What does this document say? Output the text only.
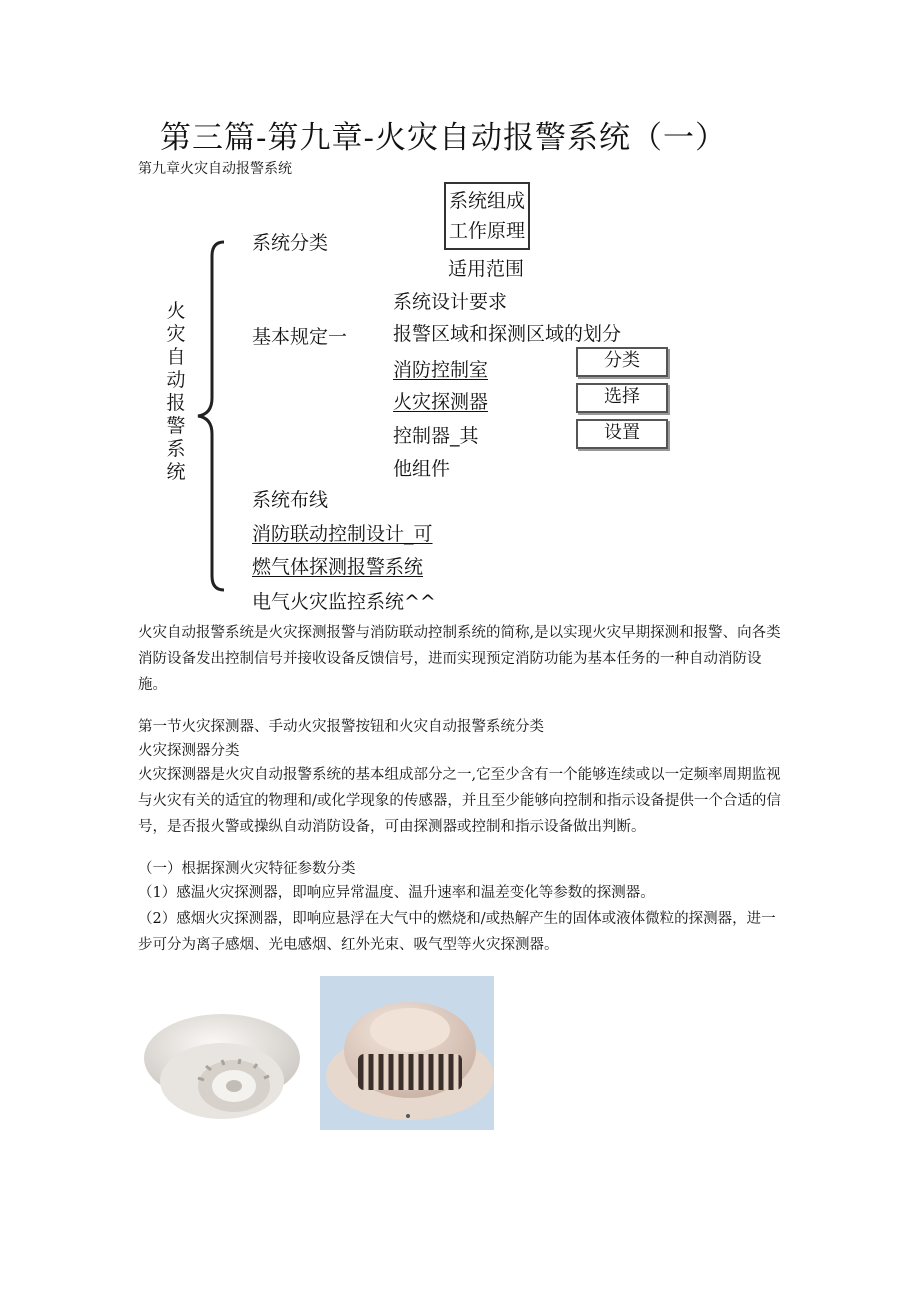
第三篇-第九章-火灾自动报警系统（一）
第九章火灾自动报警系统
火灾自动报警系统
系统分类
基本规定一
系统布线
消防联动控制设计_可
燃气体探测报警系统
电气火灾监控系统^^
系统组成
工作原理
适用范围
系统设计要求
报警区域和探测区域的划分
消防控制室
火灾探测器
控制器_其
他组件
分类
选择
设置
火灾自动报警系统是火灾探测报警与消防联动控制系统的简称,是以实现火灾早期探测和报警、向各类消防设备发出控制信号并接收设备反馈信号，进而实现预定消防功能为基本任务的一种自动消防设施。
第一节火灾探测器、手动火灾报警按钮和火灾自动报警系统分类
火灾探测器分类
火灾探测器是火灾自动报警系统的基本组成部分之一,它至少含有一个能够连续或以一定频率周期监视与火灾有关的适宜的物理和/或化学现象的传感器，并且至少能够向控制和指示设备提供一个合适的信号，是否报火警或操纵自动消防设备，可由探测器或控制和指示设备做出判断。
（一）根据探测火灾特征参数分类
（1）感温火灾探测器，即响应异常温度、温升速率和温差变化等参数的探测器。
（2）感烟火灾探测器，即响应悬浮在大气中的燃烧和/或热解产生的固体或液体微粒的探测器，进一步可分为离子感烟、光电感烟、红外光束、吸气型等火灾探测器。
